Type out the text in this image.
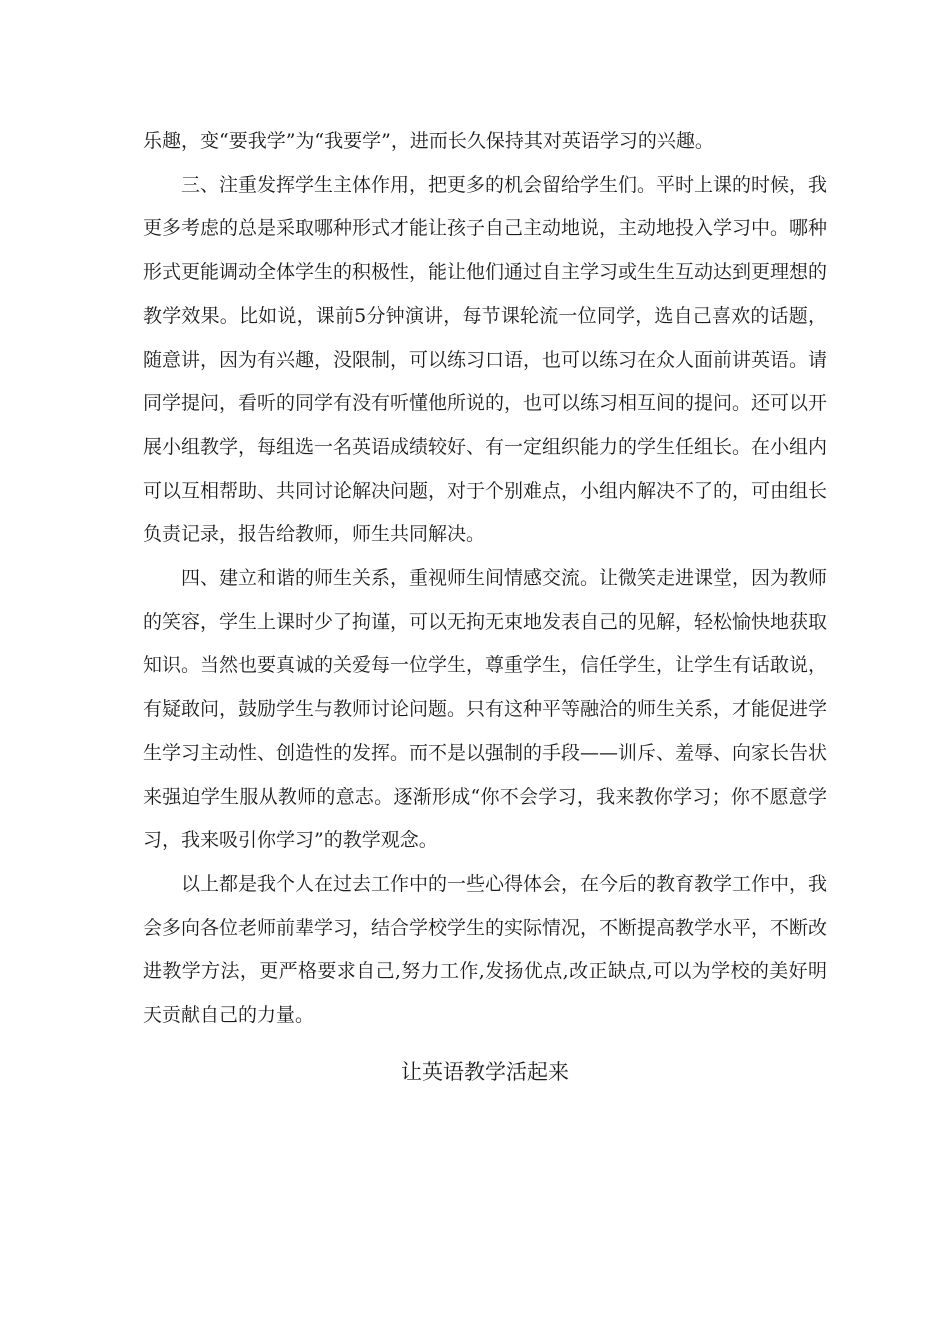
乐趣，变“要我学”为“我要学”，进而长久保持其对英语学习的兴趣。

三、注重发挥学生主体作用，把更多的机会留给学生们。平时上课的时候，我更多考虑的总是采取哪种形式才能让孩子自己主动地说，主动地投入学习中。哪种形式更能调动全体学生的积极性，能让他们通过自主学习或生生互动达到更理想的教学效果。比如说，课前5分钟演讲，每节课轮流一位同学，选自己喜欢的话题，随意讲，因为有兴趣，没限制，可以练习口语，也可以练习在众人面前讲英语。请同学提问，看听的同学有没有听懂他所说的，也可以练习相互间的提问。还可以开展小组教学，每组选一名英语成绩较好、有一定组织能力的学生任组长。在小组内可以互相帮助、共同讨论解决问题，对于个别难点，小组内解决不了的，可由组长负责记录，报告给教师，师生共同解决。

四、建立和谐的师生关系，重视师生间情感交流。让微笑走进课堂，因为教师的笑容，学生上课时少了拘谨，可以无拘无束地发表自己的见解，轻松愉快地获取知识。当然也要真诚的关爱每一位学生，尊重学生，信任学生，让学生有话敢说，有疑敢问，鼓励学生与教师讨论问题。只有这种平等融洽的师生关系，才能促进学生学习主动性、创造性的发挥。而不是以强制的手段——训斥、羞辱、向家长告状来强迫学生服从教师的意志。逐渐形成“你不会学习，我来教你学习；你不愿意学习，我来吸引你学习”的教学观念。

以上都是我个人在过去工作中的一些心得体会，在今后的教育教学工作中，我会多向各位老师前辈学习，结合学校学生的实际情况，不断提高教学水平，不断改进教学方法，更严格要求自己,努力工作,发扬优点,改正缺点,可以为学校的美好明天贡献自己的力量。

让英语教学活起来
